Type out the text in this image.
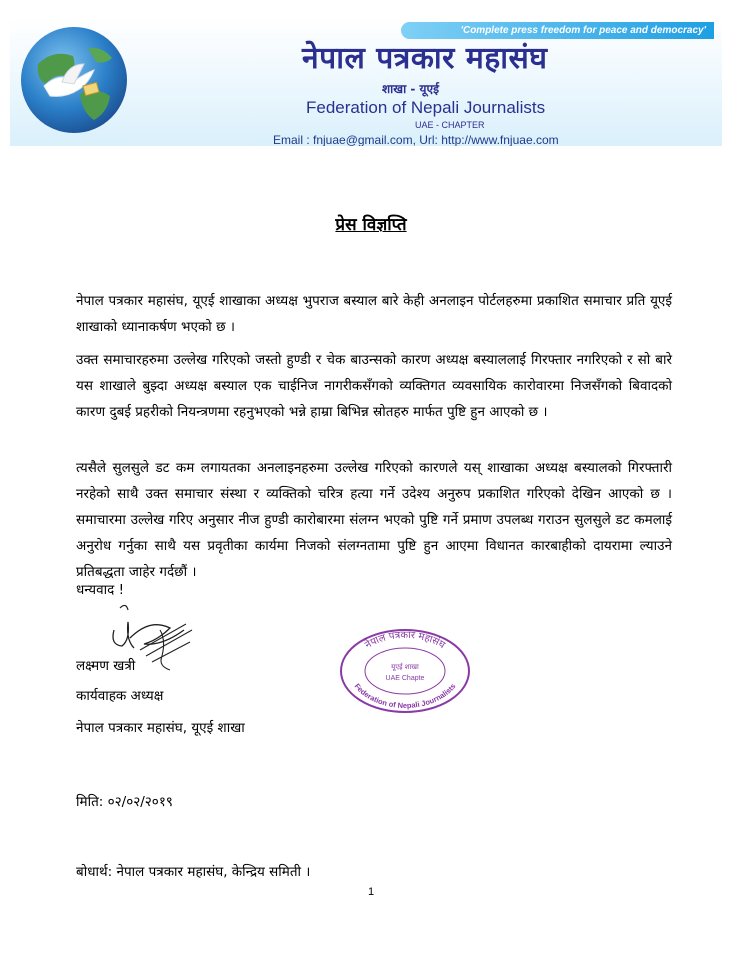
'Complete press freedom for peace and democracy'
नेपाल पत्रकार महासंघ
शाखा - यूएई
Federation of Nepali Journalists
UAE - CHAPTER
Email : fnjuae@gmail.com, Url: http://www.fnjuae.com
प्रेस विज्ञप्ति

नेपाल पत्रकार महासंघ, यूएई शाखाका अध्यक्ष भुपराज बस्याल बारे केही अनलाइन पोर्टलहरुमा प्रकाशित समाचार प्रति यूएई शाखाको ध्यानाकर्षण भएको छ ।

उक्त समाचारहरुमा उल्लेख गरिएको जस्तो हुण्डी र चेक बाउन्सको कारण अध्यक्ष बस्याललाई गिरफ्तार नगरिएको र सो बारे यस शाखाले बुझ्दा अध्यक्ष बस्याल एक चाईनिज नागरीकसँगको व्यक्तिगत व्यवसायिक कारोवारमा निजसँगको बिवादको कारण दुबई प्रहरीको नियन्त्रणमा रहनुभएको भन्ने हाम्रा बिभिन्न स्रोतहरु मार्फत पुष्टि हुन आएको छ ।

त्यसैले सुलसुले डट कम लगायतका अनलाइनहरुमा उल्लेख गरिएको कारणले यस् शाखाका अध्यक्ष बस्यालको गिरफ्तारी नरहेको साथै उक्त समाचार संस्था र व्यक्तिको चरित्र हत्या गर्ने उदेश्य अनुरुप प्रकाशित गरिएको देखिन आएको छ । समाचारमा उल्लेख गरिए अनुसार नीज हुण्डी कारोबारमा संलग्न भएको पुष्टि गर्ने प्रमाण उपलब्ध गराउन सुलसुले डट कमलाई अनुरोध गर्नुका साथै यस प्रवृतीका कार्यमा निजको संलग्नतामा पुष्टि हुन आएमा विधानत कारबाहीको दायरामा ल्याउने प्रतिबद्धता जाहेर गर्दछौं ।

धन्यवाद !
लक्ष्मण खत्री
कार्यवाहक अध्यक्ष
नेपाल पत्रकार महासंघ, यूएई शाखा
नेपाल पत्रकार महासंघ
Federation of Nepali Journalists
यूएई शाखा
UAE Chapte
मिति: ०२/०२/२०१९
बोधार्थ: नेपाल पत्रकार महासंघ, केन्द्रिय समिती ।
1
